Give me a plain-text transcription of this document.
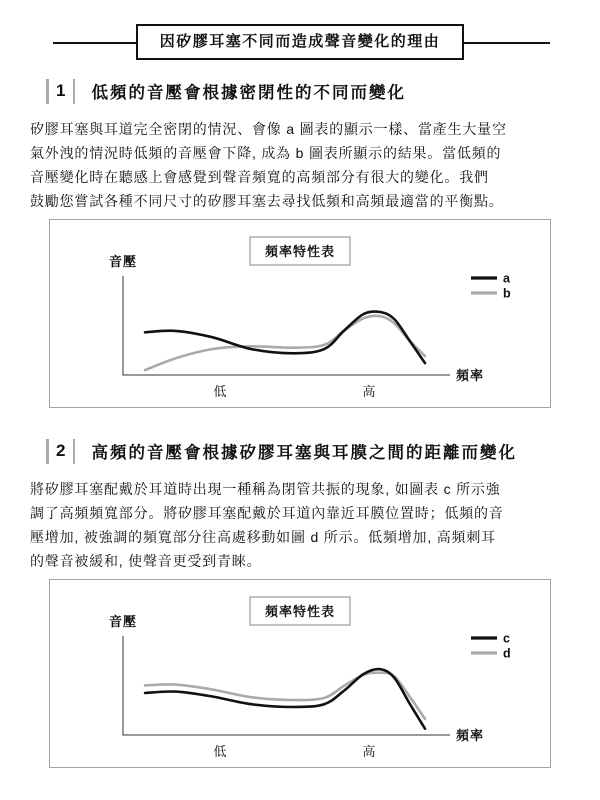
因矽膠耳塞不同而造成聲音變化的理由
1 低頻的音壓會根據密閉性的不同而變化
矽膠耳塞與耳道完全密閉的情況、會像 a 圖表的顯示一樣、當產生大量空
氣外洩的情況時低頻的音壓會下降, 成為 b 圖表所顯示的結果。當低頻的
音壓變化時在聽感上會感覺到聲音頻寬的高頻部分有很大的變化。我們
鼓勵您嘗試各種不同尺寸的矽膠耳塞去尋找低頻和高頻最適當的平衡點。
音壓
頻率
低	高
頻率特性表
a
b
2 高頻的音壓會根據矽膠耳塞與耳膜之間的距離而變化
將矽膠耳塞配戴於耳道時出現一種稱為閉管共振的現象, 如圖表 c 所示強
調了高頻頻寬部分。將矽膠耳塞配戴於耳道內靠近耳膜位置時；低頻的音
壓增加, 被強調的頻寬部分往高處移動如圖 d 所示。低頻增加, 高頻刺耳
的聲音被緩和, 使聲音更受到青睞。
音壓
頻率
低	高
頻率特性表
c
d
